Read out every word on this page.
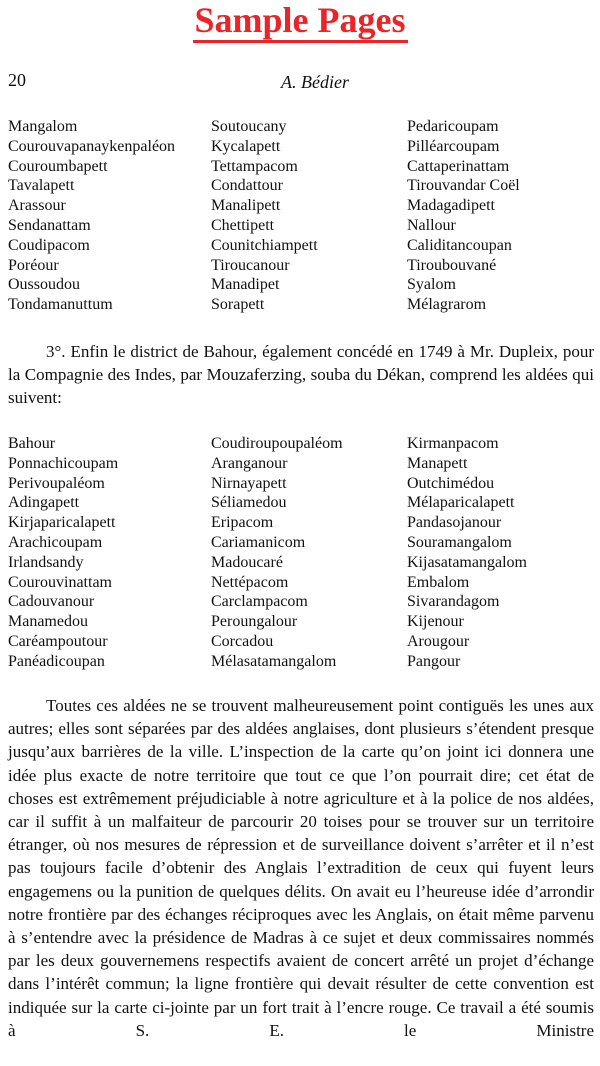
Sample Pages
20	A. Bédier
Mangalom
Courouvapanaykenpaléon
Couroumbapett
Tavalapett
Arassour
Sendanattam
Coudipacom
Poréour
Oussoudou
Tondamanuttum
Soutoucany
Kycalapett
Tettampacom
Condattour
Manalipett
Chettipett
Counitchiampett
Tiroucanour
Manadipet
Sorapett
Pedaricoupam
Pilléarcoupam
Cattaperinattam
Tirouvandar Coël
Madagadipett
Nallour
Caliditancoupan
Tiroubouvané
Syalom
Mélagrarom

3°. Enfin le district de Bahour, également concédé en 1749 à Mr. Dupleix, pour la Compagnie des Indes, par Mouzaferzing, souba du Dékan, comprend les aldées qui suivent:

Bahour
Ponnachicoupam
Perivoupaléom
Adingapett
Kirjaparicalapett
Arachicoupam
Irlandsandy
Courouvinattam
Cadouvanour
Manamedou
Caréampoutour
Panéadicoupan
Coudiroupoupaléom
Aranganour
Nirnayapett
Séliamedou
Eripacom
Cariamanicom
Madoucaré
Nettépacom
Carclampacom
Peroungalour
Corcadou
Mélasatamangalom
Kirmanpacom
Manapett
Outchimédou
Mélaparicalapett
Pandasojanour
Souramangalom
Kijasatamangalom
Embalom
Sivarandagom
Kijenour
Arougour
Pangour

Toutes ces aldées ne se trouvent malheureusement point contiguës les unes aux autres; elles sont séparées par des aldées anglaises, dont plusieurs s’étendent presque jusqu’aux barrières de la ville. L’inspection de la carte qu’on joint ici donnera une idée plus exacte de notre territoire que tout ce que l’on pourrait dire; cet état de choses est extrêmement préjudiciable à notre agriculture et à la police de nos aldées, car il suffit à un malfaiteur de parcourir 20 toises pour se trouver sur un territoire étranger, où nos mesures de répression et de surveillance doivent s’arrêter et il n’est pas toujours facile d’obtenir des Anglais l’extradition de ceux qui fuyent leurs engagemens ou la punition de quelques délits. On avait eu l’heureuse idée d’arrondir notre frontière par des échanges réciproques avec les Anglais, on était même parvenu à s’entendre avec la présidence de Madras à ce sujet et deux commissaires nommés par les deux gouvernemens respectifs avaient de concert arrêté un projet d’échange dans l’intérêt commun; la ligne frontière qui devait résulter de cette convention est indiquée sur la carte ci-jointe par un fort trait à l’encre rouge. Ce travail a été soumis à S. E. le Ministre
